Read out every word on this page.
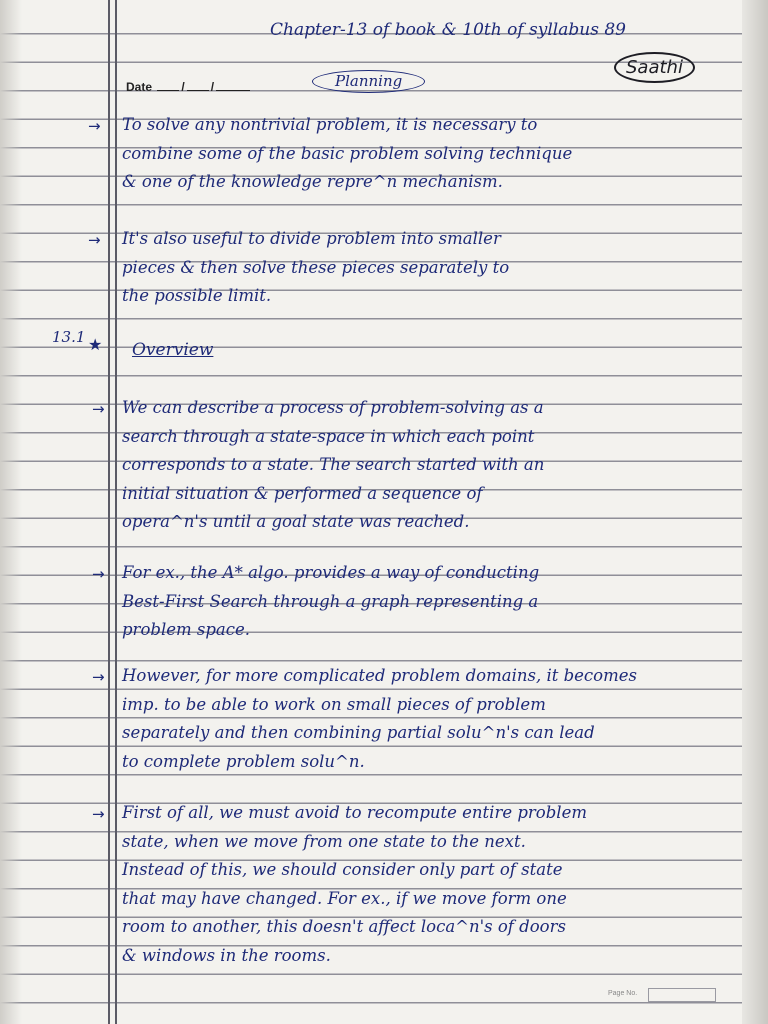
Chapter-13 of book & 10th of syllabus 89
Date / /	Planning
Saathi
→ To solve any nontrivial problem, it is necessary to
combine some of the basic problem solving technique
& one of the knowledge repre^n mechanism.
→ It's also useful to divide problem into smaller
pieces & then solve these pieces separately to
the possible limit.
13.1 ★ Overview
→ We can describe a process of problem-solving as a
search through a state-space in which each point
corresponds to a state. The search started with an
initial situation & performed a sequence of
opera^n's until a goal state was reached.
→ For ex., the A* algo. provides a way of conducting
Best-First Search through a graph representing a
problem space.
→ However, for more complicated problem domains, it becomes
imp. to be able to work on small pieces of problem
separately and then combining partial solu^n's can lead
to complete problem solu^n.
→ First of all, we must avoid to recompute entire problem
state, when we move from one state to the next.
Instead of this, we should consider only part of state
that may have changed. For ex., if we move form one
room to another, this doesn't affect loca^n's of doors
& windows in the rooms.
Page No.
